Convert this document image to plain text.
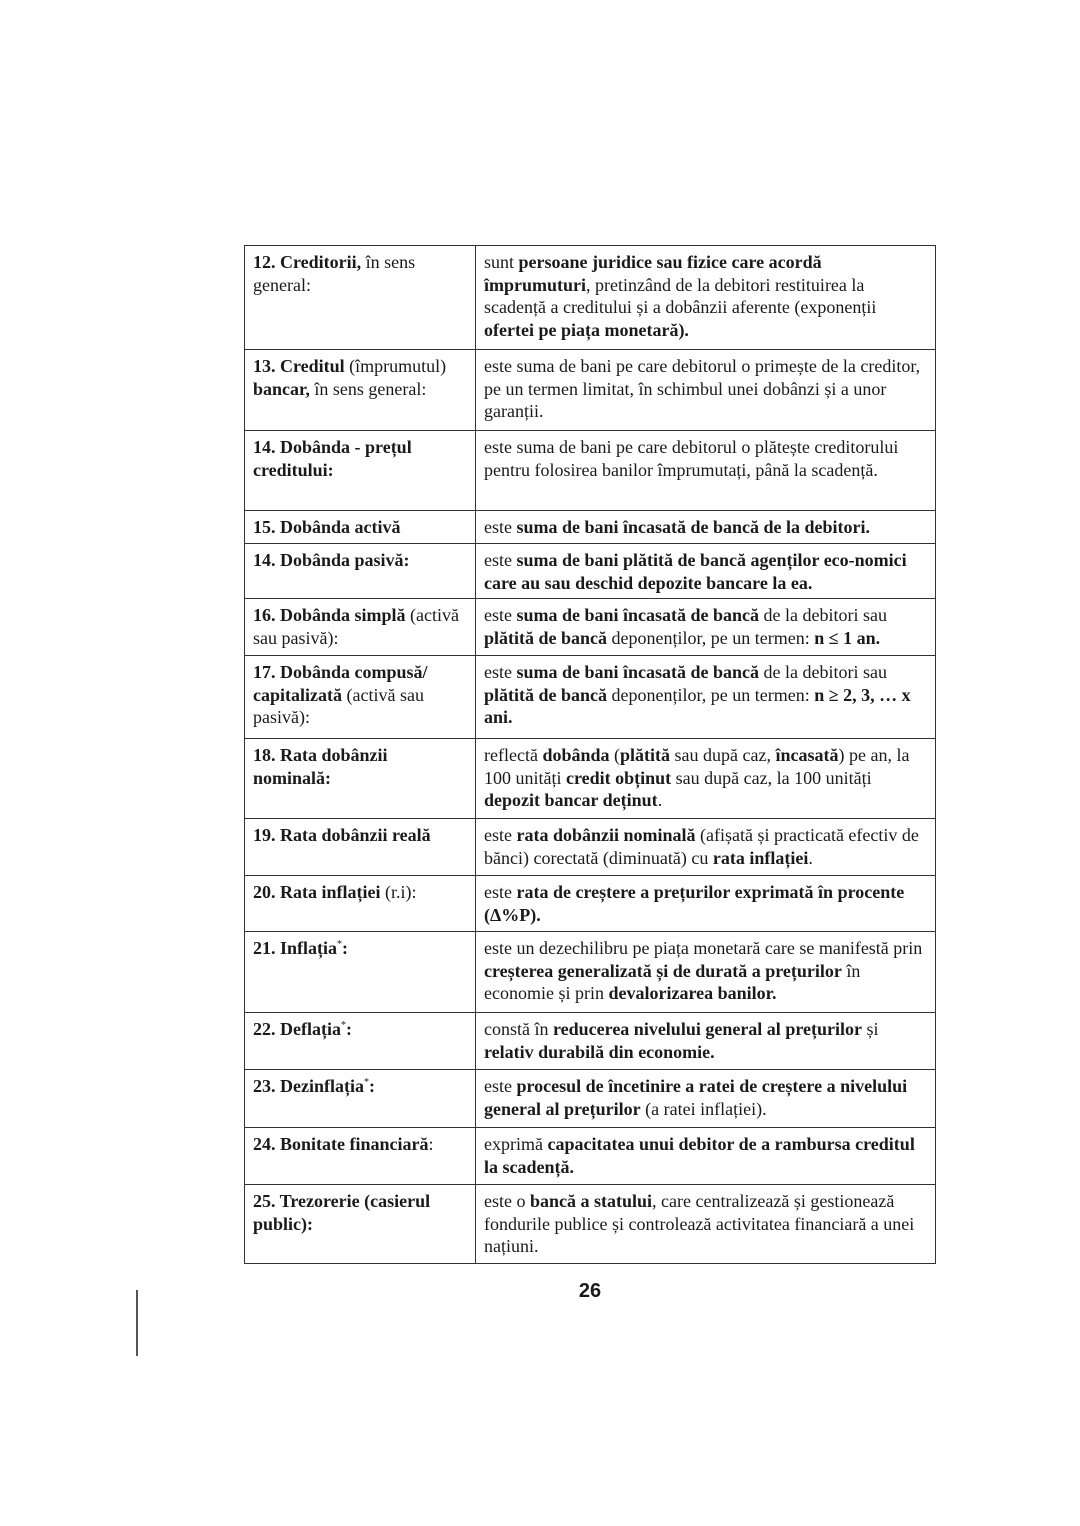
12. Creditorii, în sens general:	sunt persoane juridice sau fizice care acordă împrumuturi, pretinzând de la debitori restituirea la scadență a creditului și a dobânzii aferente (exponenții ofertei pe piața monetară).
13. Creditul (împrumutul) bancar, în sens general:	este suma de bani pe care debitorul o primește de la creditor, pe un termen limitat, în schimbul unei dobânzi și a unor garanții.
14. Dobânda - prețul creditului:	este suma de bani pe care debitorul o plătește creditorului pentru folosirea banilor împrumutați, până la scadență.
15. Dobânda activă	este suma de bani încasată de bancă de la debitori.
14. Dobânda pasivă:	este suma de bani plătită de bancă agenților eco-nomici care au sau deschid depozite bancare la ea.
16. Dobânda simplă (activă sau pasivă):	este suma de bani încasată de bancă de la debitori sau plătită de bancă deponenților, pe un termen: n ≤ 1 an.
17. Dobânda compusă/ capitalizată (activă sau pasivă):	este suma de bani încasată de bancă de la debitori sau plătită de bancă deponenților, pe un termen: n ≥ 2, 3, … x ani.
18. Rata dobânzii nominală:	reflectă dobânda (plătită sau după caz, încasată) pe an, la 100 unități credit obținut sau după caz, la 100 unități depozit bancar deținut.
19. Rata dobânzii reală	este rata dobânzii nominală (afișată și practicată efectiv de bănci) corectată (diminuată) cu rata inflației.
20. Rata inflației (r.i):	este rata de creștere a prețurilor exprimată în procente (Δ%P).
21. Inflația*:	este un dezechilibru pe piața monetară care se manifestă prin creșterea generalizată și de durată a prețurilor în economie și prin devalorizarea banilor.
22. Deflația*:	constă în reducerea nivelului general al prețurilor și relativ durabilă din economie.
23. Dezinflația*:	este procesul de încetinire a ratei de creștere a nivelului general al prețurilor (a ratei inflației).
24. Bonitate financiară:	exprimă capacitatea unui debitor de a rambursa creditul la scadență.
25. Trezorerie (casierul public):	este o bancă a statului, care centralizează și gestionează fondurile publice și controlează activitatea financiară a unei națiuni.
26
